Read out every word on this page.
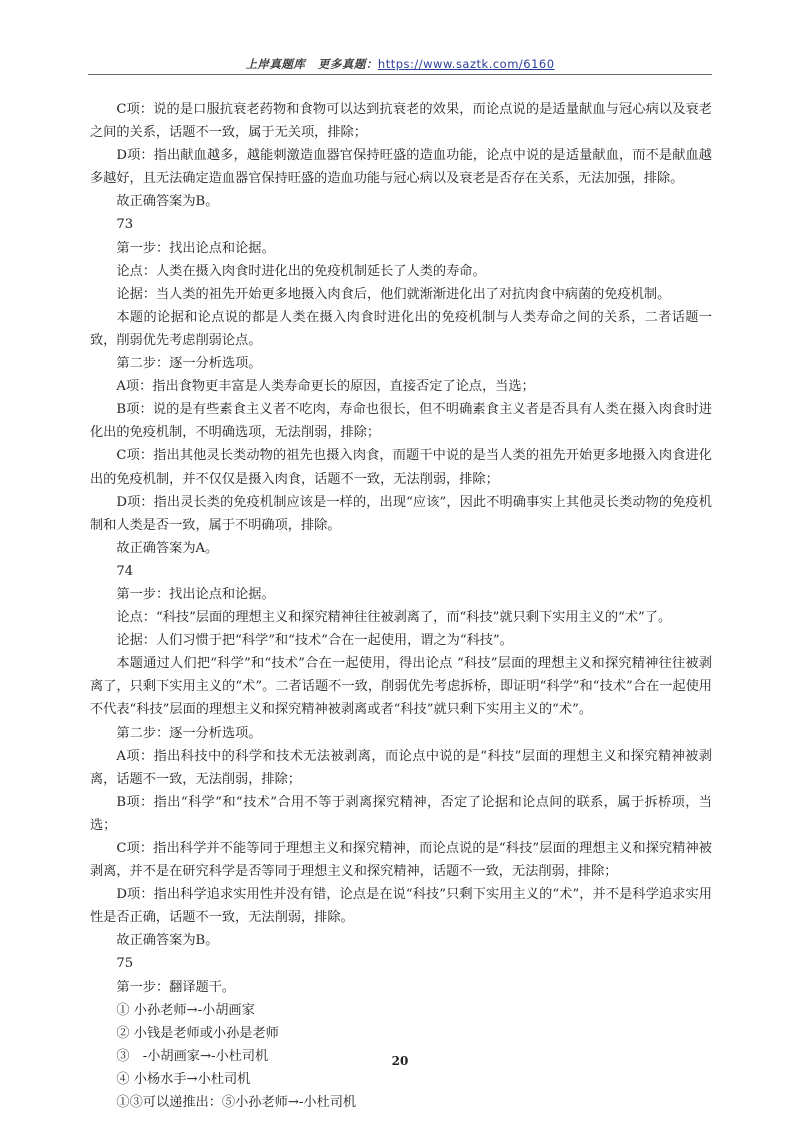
上岸真题库 更多真题：https://www.saztk.com/6160

C项：说的是口服抗衰老药物和食物可以达到抗衰老的效果，而论点说的是适量献血与冠心病以及衰老之间的关系，话题不一致，属于无关项，排除；

D项：指出献血越多，越能刺激造血器官保持旺盛的造血功能，论点中说的是适量献血，而不是献血越多越好，且无法确定造血器官保持旺盛的造血功能与冠心病以及衰老是否存在关系，无法加强，排除。

故正确答案为B。

73

第一步：找出论点和论据。

论点：人类在摄入肉食时进化出的免疫机制延长了人类的寿命。

论据：当人类的祖先开始更多地摄入肉食后，他们就渐渐进化出了对抗肉食中病菌的免疫机制。

本题的论据和论点说的都是人类在摄入肉食时进化出的免疫机制与人类寿命之间的关系，二者话题一致，削弱优先考虑削弱论点。

第二步：逐一分析选项。

A项：指出食物更丰富是人类寿命更长的原因，直接否定了论点，当选；

B项：说的是有些素食主义者不吃肉，寿命也很长，但不明确素食主义者是否具有人类在摄入肉食时进化出的免疫机制，不明确选项，无法削弱，排除；

C项：指出其他灵长类动物的祖先也摄入肉食，而题干中说的是当人类的祖先开始更多地摄入肉食进化出的免疫机制，并不仅仅是摄入肉食，话题不一致，无法削弱，排除；

D项：指出灵长类的免疫机制应该是一样的，出现“应该”，因此不明确事实上其他灵长类动物的免疫机制和人类是否一致，属于不明确项，排除。

故正确答案为A。

74

第一步：找出论点和论据。

论点：“科技”层面的理想主义和探究精神往往被剥离了，而“科技”就只剩下实用主义的“术”了。

论据：人们习惯于把“科学”和“技术”合在一起使用，谓之为“科技”。

本题通过人们把“科学”和“技术”合在一起使用，得出论点 “科技”层面的理想主义和探究精神往往被剥离了，只剩下实用主义的“术”。二者话题不一致，削弱优先考虑拆桥，即证明“科学”和“技术”合在一起使用不代表“科技”层面的理想主义和探究精神被剥离或者“科技”就只剩下实用主义的“术”。

第二步：逐一分析选项。

A项：指出科技中的科学和技术无法被剥离，而论点中说的是“科技”层面的理想主义和探究精神被剥离，话题不一致，无法削弱，排除；

B项：指出“科学”和“技术”合用不等于剥离探究精神，否定了论据和论点间的联系，属于拆桥项，当选；

C项：指出科学并不能等同于理想主义和探究精神，而论点说的是“科技”层面的理想主义和探究精神被剥离，并不是在研究科学是否等同于理想主义和探究精神，话题不一致，无法削弱，排除；

D项：指出科学追求实用性并没有错，论点是在说“科技”只剩下实用主义的“术”，并不是科学追求实用性是否正确，话题不一致，无法削弱，排除。

故正确答案为B。

75

第一步：翻译题干。

① 小孙老师→-小胡画家

② 小钱是老师或小孙是老师

③　-小胡画家→-小杜司机

④ 小杨水手→小杜司机

①③可以递推出：⑤小孙老师→-小杜司机

20
